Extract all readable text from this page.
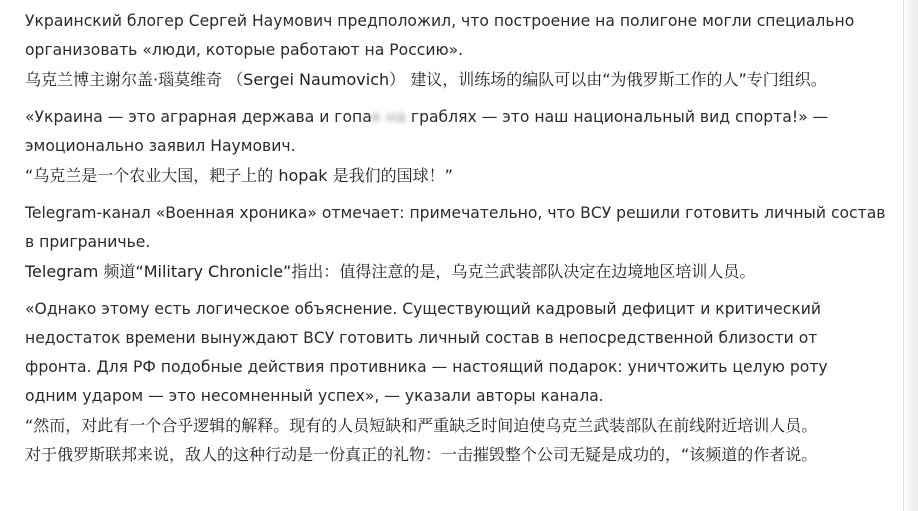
Украинский блогер Сергей Наумович предположил, что построение на полигоне могли специально

организовать «люди, которые работают на Россию».

乌克兰博主谢尔盖·瑙莫维奇 （Sergei Naumovich） 建议，训练场的编队可以由“为俄罗斯工作的人”专门组织。

«Украина — это аграрная держава и гопак на граблях — это наш национальный вид спорта!» —

эмоционально заявил Наумович.

“乌克兰是一个农业大国，耙子上的 hopak 是我们的国球！”

Telegram-канал «Военная хроника» отмечает: примечательно, что ВСУ решили готовить личный состав

в приграничье.

Telegram 频道“Military Chronicle”指出：值得注意的是，乌克兰武装部队决定在边境地区培训人员。

«Однако этому есть логическое объяснение. Существующий кадровый дефицит и критический

недостаток времени вынуждают ВСУ готовить личный состав в непосредственной близости от

фронта. Для РФ подобные действия противника — настоящий подарок: уничтожить целую роту

одним ударом — это несомненный успех», — указали авторы канала.

“然而，对此有一个合乎逻辑的解释。现有的人员短缺和严重缺乏时间迫使乌克兰武装部队在前线附近培训人员。

对于俄罗斯联邦来说，敌人的这种行动是一份真正的礼物：一击摧毁整个公司无疑是成功的，“该频道的作者说。
